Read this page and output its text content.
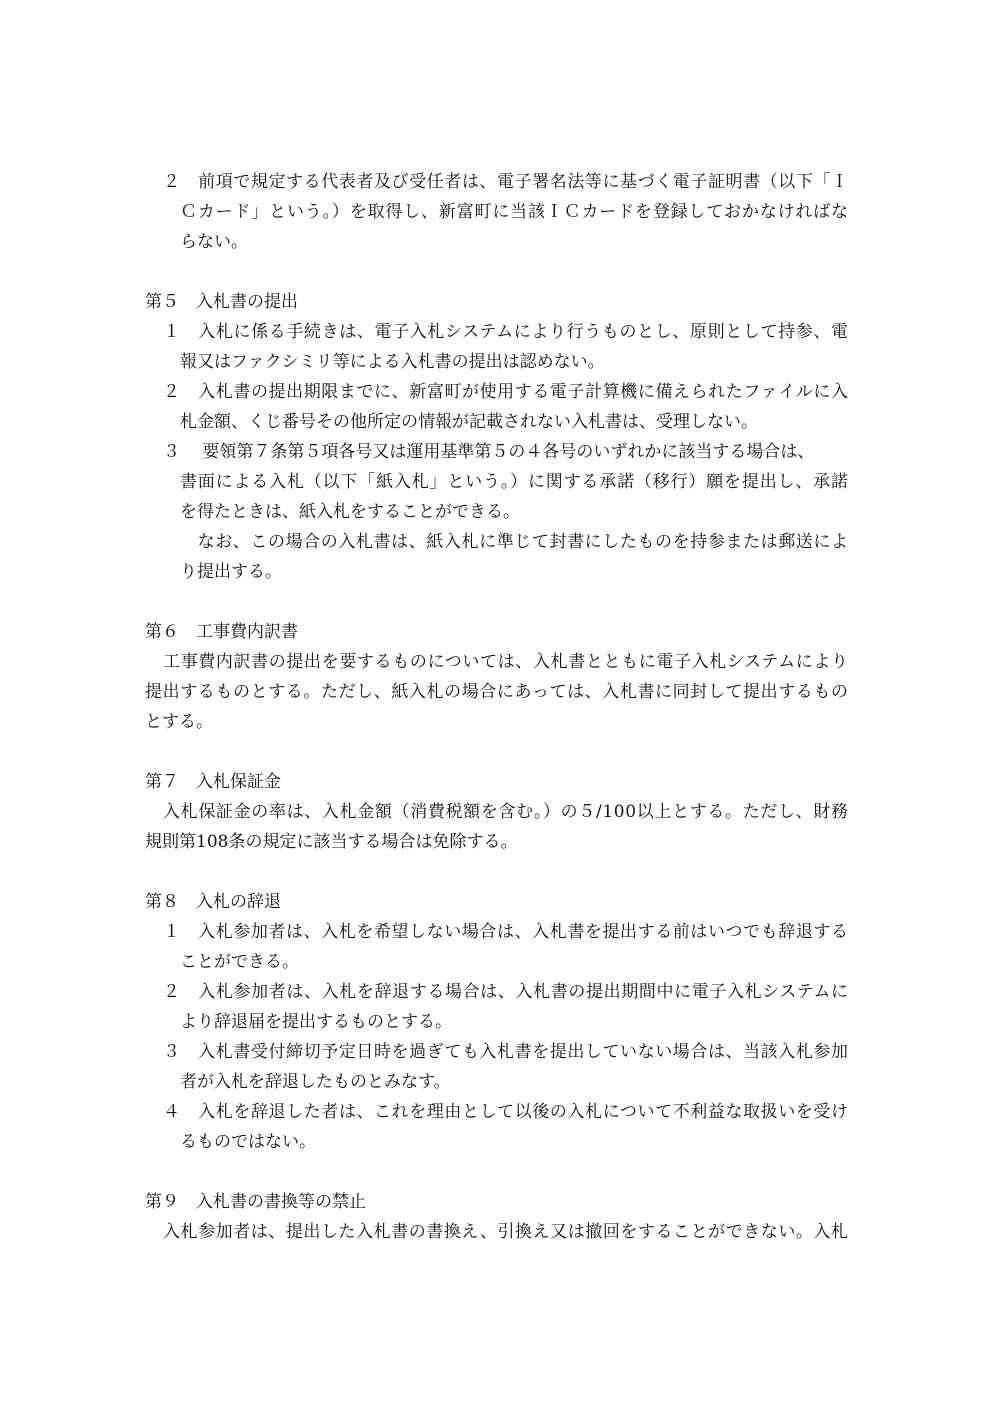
２　前項で規定する代表者及び受任者は、電子署名法等に基づく電子証明書（以下「Ｉ
Ｃカード」という。）を取得し、新富町に当該ＩＣカードを登録しておかなければな
らない。
第５　入札書の提出
１　入札に係る手続きは、電子入札システムにより行うものとし、原則として持参、電
報又はファクシミリ等による入札書の提出は認めない。
２　入札書の提出期限までに、新富町が使用する電子計算機に備えられたファイルに入
札金額、くじ番号その他所定の情報が記載されない入札書は、受理しない。
３　 要領第７条第５項各号又は運用基準第５の４各号のいずれかに該当する場合は、
書面による入札（以下「紙入札」という。）に関する承諾（移行）願を提出し、承諾
を得たときは、紙入札をすることができる。
　なお、この場合の入札書は、紙入札に準じて封書にしたものを持参または郵送によ
り提出する。
第６　工事費内訳書
工事費内訳書の提出を要するものについては、入札書とともに電子入札システムにより
提出するものとする。ただし、紙入札の場合にあっては、入札書に同封して提出するもの
とする。
第７　入札保証金
入札保証金の率は、入札金額（消費税額を含む。）の５/100以上とする。ただし、財務
規則第108条の規定に該当する場合は免除する。
第８　入札の辞退
１　入札参加者は、入札を希望しない場合は、入札書を提出する前はいつでも辞退する
ことができる。
２　入札参加者は、入札を辞退する場合は、入札書の提出期間中に電子入札システムに
より辞退届を提出するものとする。
３　入札書受付締切予定日時を過ぎても入札書を提出していない場合は、当該入札参加
者が入札を辞退したものとみなす。
４　入札を辞退した者は、これを理由として以後の入札について不利益な取扱いを受け
るものではない。
第９　入札書の書換等の禁止
入札参加者は、提出した入札書の書換え、引換え又は撤回をすることができない。入札
